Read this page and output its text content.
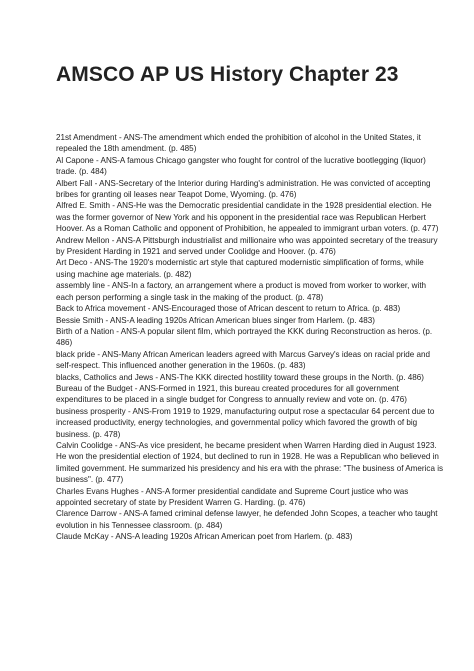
AMSCO AP US History Chapter 23

21st Amendment - ANS-The amendment which ended the prohibition of alcohol in the United States, it repealed the 18th amendment. (p. 485)

Al Capone - ANS-A famous Chicago gangster who fought for control of the lucrative bootlegging (liquor) trade. (p. 484)

Albert Fall - ANS-Secretary of the Interior during Harding's administration. He was convicted of accepting bribes for granting oil leases near Teapot Dome, Wyoming. (p. 476)

Alfred E. Smith - ANS-He was the Democratic presidential candidate in the 1928 presidential election. He was the former governor of New York and his opponent in the presidential race was Republican Herbert Hoover. As a Roman Catholic and opponent of Prohibition, he appealed to immigrant urban voters. (p. 477)

Andrew Mellon - ANS-A Pittsburgh industrialist and millionaire who was appointed secretary of the treasury by President Harding in 1921 and served under Coolidge and Hoover. (p. 476)

Art Deco - ANS-The 1920's modernistic art style that captured modernistic simplification of forms, while using machine age materials. (p. 482)

assembly line - ANS-In a factory, an arrangement where a product is moved from worker to worker, with each person performing a single task in the making of the product. (p. 478)

Back to Africa movement - ANS-Encouraged those of African descent to return to Africa. (p. 483)

Bessie Smith - ANS-A leading 1920s African American blues singer from Harlem. (p. 483)

Birth of a Nation - ANS-A popular silent film, which portrayed the KKK during Reconstruction as heros. (p. 486)

black pride - ANS-Many African American leaders agreed with Marcus Garvey's ideas on racial pride and self-respect. This influenced another generation in the 1960s. (p. 483)

blacks, Catholics and Jews - ANS-The KKK directed hostility toward these groups in the North. (p. 486)

Bureau of the Budget - ANS-Formed in 1921, this bureau created procedures for all government expenditures to be placed in a single budget for Congress to annually review and vote on. (p. 476)

business prosperity - ANS-From 1919 to 1929, manufacturing output rose a spectacular 64 percent due to increased productivity, energy technologies, and governmental policy which favored the growth of big business. (p. 478)

Calvin Coolidge - ANS-As vice president, he became president when Warren Harding died in August 1923. He won the presidential election of 1924, but declined to run in 1928. He was a Republican who believed in limited government. He summarized his presidency and his era with the phrase: "The business of America is business". (p. 477)

Charles Evans Hughes - ANS-A former presidential candidate and Supreme Court justice who was appointed secretary of state by President Warren G. Harding. (p. 476)

Clarence Darrow - ANS-A famed criminal defense lawyer, he defended John Scopes, a teacher who taught evolution in his Tennessee classroom. (p. 484)

Claude McKay - ANS-A leading 1920s African American poet from Harlem. (p. 483)
